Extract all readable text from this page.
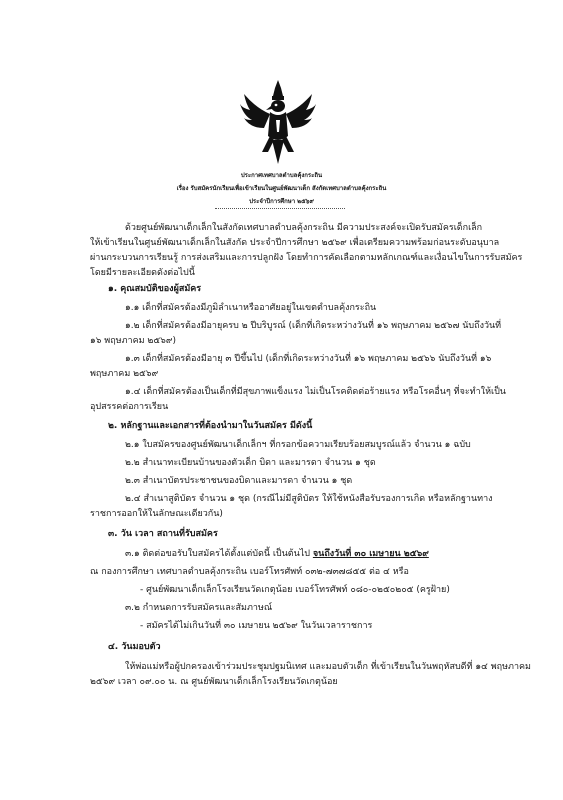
ประกาศเทศบาลตำบลคุ้งกระถิน
เรื่อง รับสมัครนักเรียนเพื่อเข้าเรียนในศูนย์พัฒนาเด็ก สังกัดเทศบาลตำบลคุ้งกระถิน
ประจำปีการศึกษา ๒๕๖๙
ด้วยศูนย์พัฒนาเด็กเล็กในสังกัดเทศบาลตำบลคุ้งกระถิน มีความประสงค์จะเปิดรับสมัครเด็กเล็ก
ให้เข้าเรียนในศูนย์พัฒนาเด็กเล็กในสังกัด ประจำปีการศึกษา ๒๕๖๙ เพื่อเตรียมความพร้อมก่อนระดับอนุบาล
ผ่านกระบวนการเรียนรู้ การส่งเสริมและการปลูกฝัง โดยทำการคัดเลือกตามหลักเกณฑ์และเงื่อนไขในการรับสมัคร
โดยมีรายละเอียดดังต่อไปนี้
๑. คุณสมบัติของผู้สมัคร
๑.๑ เด็กที่สมัครต้องมีภูมิลำเนาหรืออาศัยอยู่ในเขตตำบลคุ้งกระถิน
๑.๒ เด็กที่สมัครต้องมีอายุครบ ๒ ปีบริบูรณ์ (เด็กที่เกิดระหว่างวันที่ ๑๖ พฤษภาคม ๒๕๖๗ นับถึงวันที่
๑๖ พฤษภาคม ๒๕๖๙)
๑.๓ เด็กที่สมัครต้องมีอายุ ๓ ปีขึ้นไป (เด็กที่เกิดระหว่างวันที่ ๑๖ พฤษภาคม ๒๕๖๖ นับถึงวันที่ ๑๖
พฤษภาคม ๒๕๖๙
๑.๔ เด็กที่สมัครต้องเป็นเด็กที่มีสุขภาพแข็งแรง ไม่เป็นโรคติดต่อร้ายแรง หรือโรคอื่นๆ ที่จะทำให้เป็น
อุปสรรคต่อการเรียน
๒. หลักฐานและเอกสารที่ต้องนำมาในวันสมัคร มีดังนี้
๒.๑ ใบสมัครของศูนย์พัฒนาเด็กเล็กฯ ที่กรอกข้อความเรียบร้อยสมบูรณ์แล้ว จำนวน ๑ ฉบับ
๒.๒ สำเนาทะเบียนบ้านของตัวเด็ก บิดา และมารดา จำนวน ๑ ชุด
๒.๓ สำเนาบัตรประชาชนของบิดาและมารดา จำนวน ๑ ชุด
๒.๔ สำเนาสูติบัตร จำนวน ๑ ชุด (กรณีไม่มีสูติบัตร ให้ใช้หนังสือรับรองการเกิด หรือหลักฐานทาง
ราชการออกให้ในลักษณะเดียวกัน)
๓. วัน เวลา สถานที่รับสมัคร
๓.๑ ติดต่อขอรับใบสมัครได้ตั้งแต่บัดนี้ เป็นต้นไป จนถึงวันที่ ๓๐ เมษายน ๒๕๖๙
ณ กองการศึกษา เทศบาลตำบลคุ้งกระถิน เบอร์โทรศัพท์ ๐๓๒-๗๓๗๘๕๕ ต่อ ๔ หรือ
- ศูนย์พัฒนาเด็กเล็กโรงเรียนวัดเกตุน้อย เบอร์โทรศัพท์ ๐๘๐-๐๒๕๐๒๐๕ (ครูฝ้าย)
๓.๒ กำหนดการรับสมัครและสัมภาษณ์
- สมัครได้ไม่เกินวันที่ ๓๐ เมษายน ๒๕๖๙ ในวันเวลาราชการ
๔. วันมอบตัว
ให้พ่อแม่หรือผู้ปกครองเข้าร่วมประชุมปฐมนิเทศ และมอบตัวเด็ก ที่เข้าเรียนในวันพฤหัสบดีที่ ๑๔ พฤษภาคม
๒๕๖๙ เวลา ๐๙.๐๐ น. ณ ศูนย์พัฒนาเด็กเล็กโรงเรียนวัดเกตุน้อย
